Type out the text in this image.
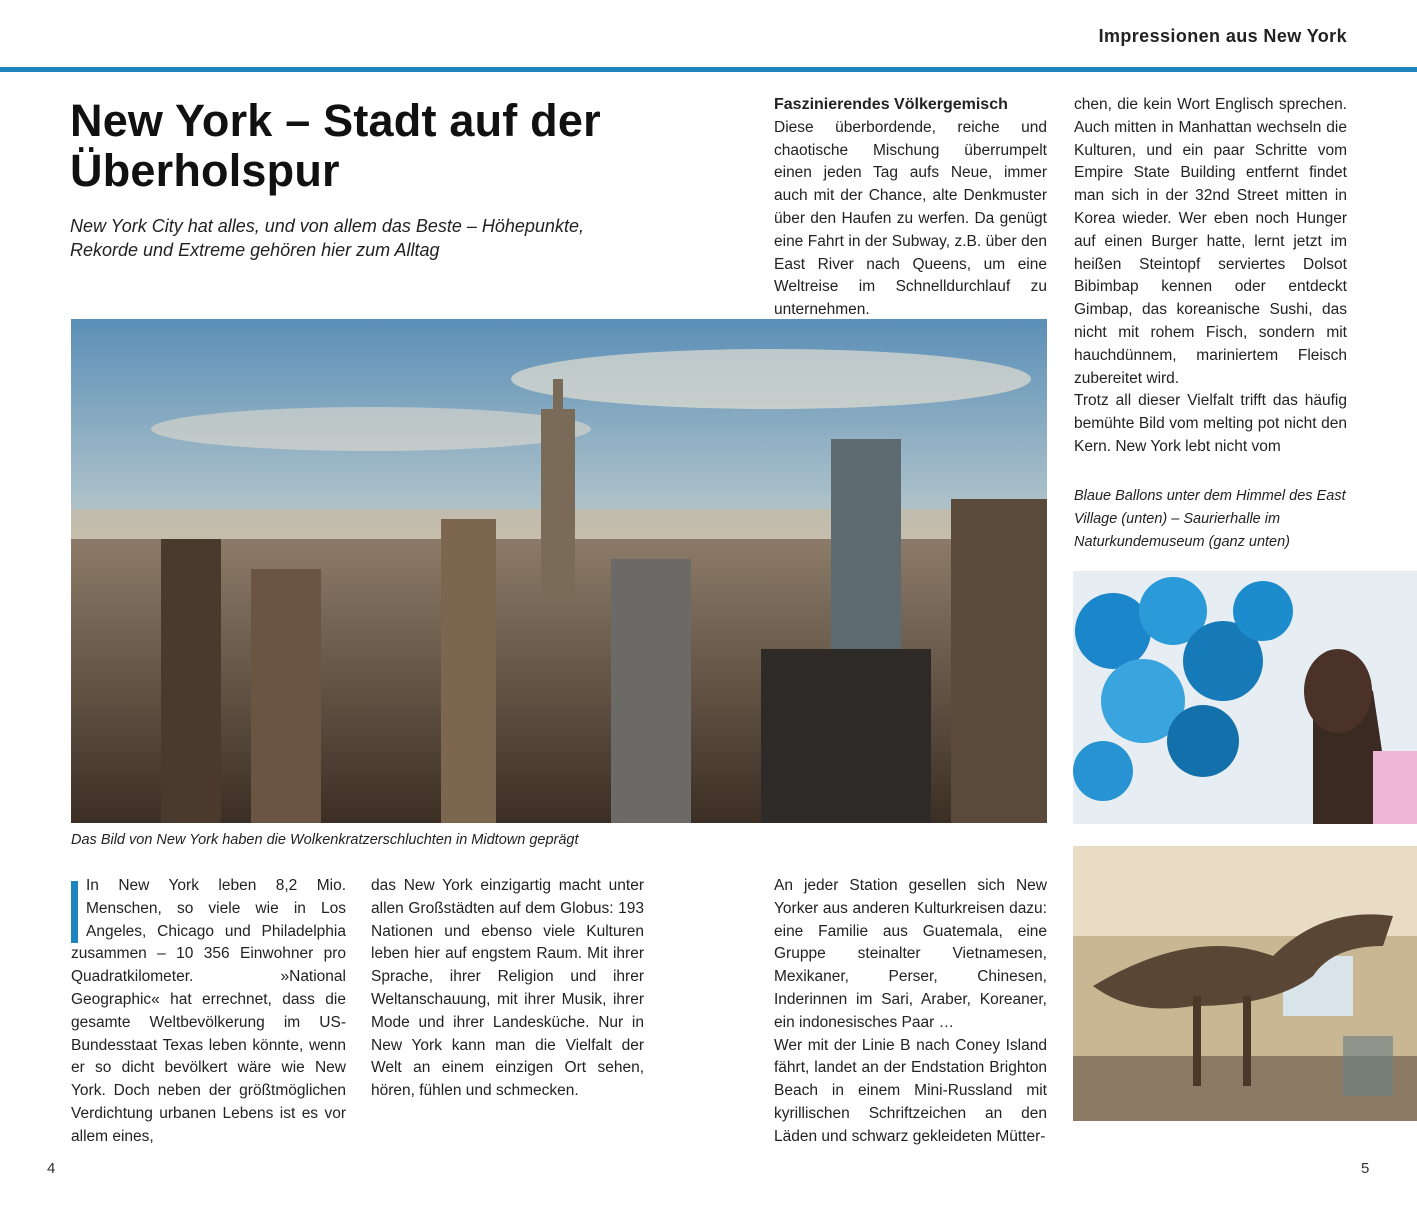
Impressionen aus New York
New York – Stadt auf der Überholspur
New York City hat alles, und von allem das Beste – Höhepunkte, Rekorde und Extreme gehören hier zum Alltag
Das Bild von New York haben die Wolkenkratzerschluchten in Midtown geprägt

In New York leben 8,2 Mio. Menschen, so viele wie in Los Angeles, Chicago und Philadelphia zusammen – 10 356 Einwohner pro Quadratkilometer. »National Geographic« hat errechnet, dass die gesamte Weltbevölkerung im US-Bundesstaat Texas leben könnte, wenn er so dicht bevölkert wäre wie New York. Doch neben der größtmöglichen Verdichtung urbanen Lebens ist es vor allem eines,

das New York einzigartig macht unter allen Großstädten auf dem Globus: 193 Nationen und ebenso viele Kulturen leben hier auf engstem Raum. Mit ihrer Sprache, ihrer Religion und ihrer Weltanschauung, mit ihrer Musik, ihrer Mode und ihrer Landesküche. Nur in New York kann man die Vielfalt der Welt an einem einzigen Ort sehen, hören, fühlen und schmecken.

Faszinierendes Völkergemisch

Diese überbordende, reiche und chaotische Mischung überrumpelt einen jeden Tag aufs Neue, immer auch mit der Chance, alte Denkmuster über den Haufen zu werfen. Da genügt eine Fahrt in der Subway, z.B. über den East River nach Queens, um eine Weltreise im Schnelldurchlauf zu unternehmen.

An jeder Station gesellen sich New Yorker aus anderen Kulturkreisen dazu: eine Familie aus Guatemala, eine Gruppe steinalter Vietnamesen, Mexikaner, Perser, Chinesen, Inderinnen im Sari, Araber, Koreaner, ein indonesisches Paar …

Wer mit der Linie B nach Coney Island fährt, landet an der Endstation Brighton Beach in einem Mini-Russland mit kyrillischen Schriftzeichen an den Läden und schwarz gekleideten Mütter-

chen, die kein Wort Englisch sprechen. Auch mitten in Manhattan wechseln die Kulturen, und ein paar Schritte vom Empire State Building entfernt findet man sich in der 32nd Street mitten in Korea wieder. Wer eben noch Hunger auf einen Burger hatte, lernt jetzt im heißen Steintopf serviertes Dolsot Bibimbap kennen oder entdeckt Gimbap, das koreanische Sushi, das nicht mit rohem Fisch, sondern mit hauchdünnem, mariniertem Fleisch zubereitet wird.

Trotz all dieser Vielfalt trifft das häufig bemühte Bild vom melting pot nicht den Kern. New York lebt nicht vom

Blaue Ballons unter dem Himmel des East Village (unten) – Saurierhalle im Naturkundemuseum (ganz unten)
4	5
